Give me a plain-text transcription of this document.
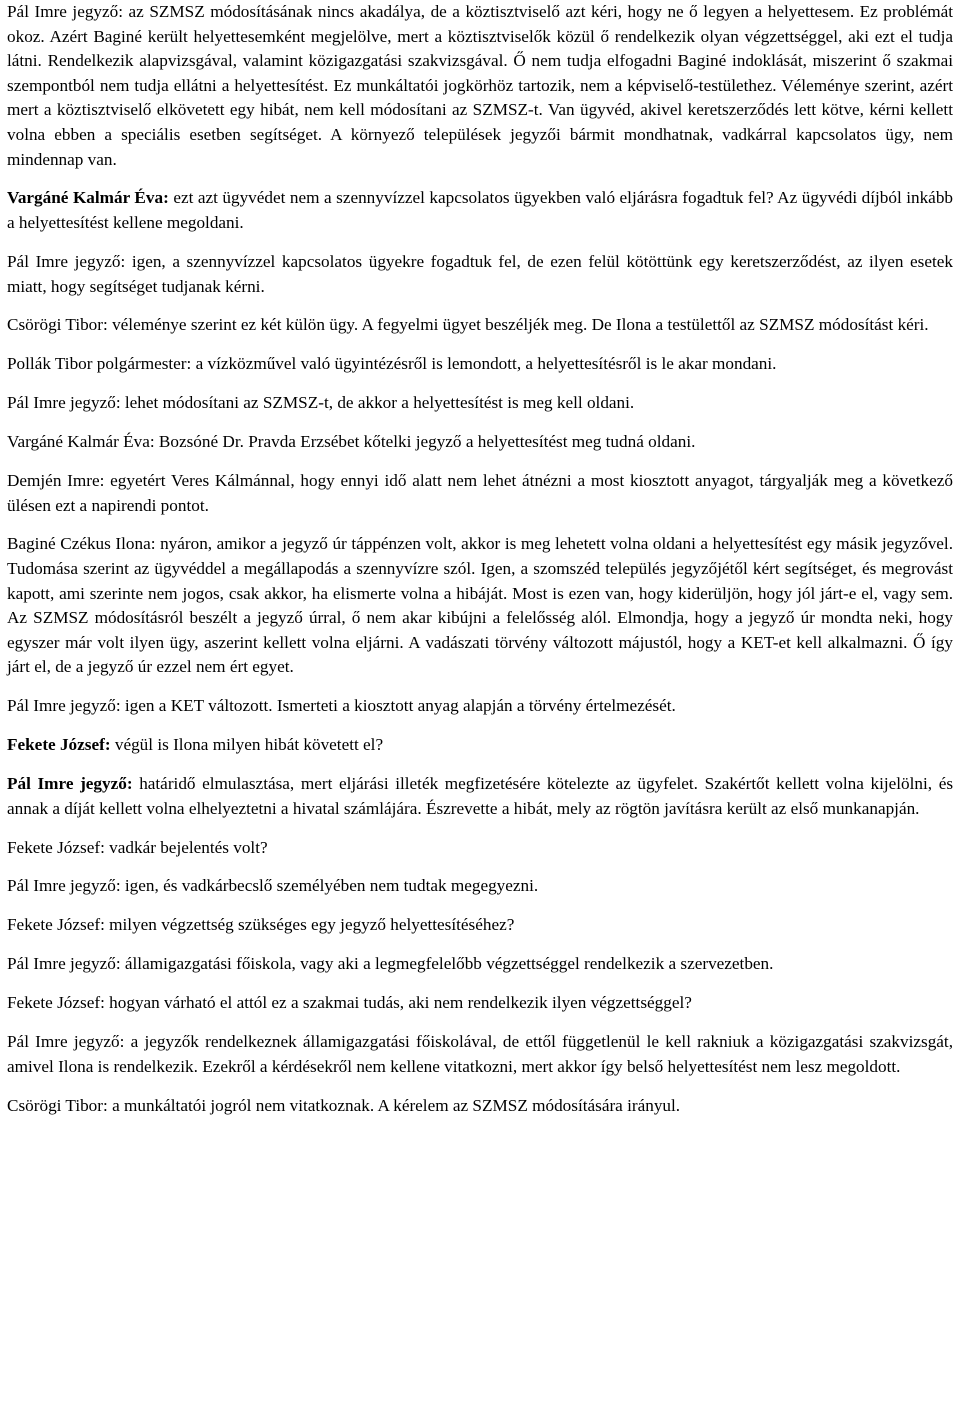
Pál Imre jegyző: az SZMSZ módosításának nincs akadálya, de a köztisztviselő azt kéri, hogy ne ő legyen a helyettesem. Ez problémát okoz. Azért Baginé került helyettesemként megjelölve, mert a köztisztviselők közül ő rendelkezik olyan végzettséggel, aki ezt el tudja látni. Rendelkezik alapvizsgával, valamint közigazgatási szakvizsgával. Ő nem tudja elfogadni Baginé indoklását, miszerint ő szakmai szempontból nem tudja ellátni a helyettesítést. Ez munkáltatói jogkörhöz tartozik, nem a képviselő-testülethez. Véleménye szerint, azért mert a köztisztviselő elkövetett egy hibát, nem kell módosítani az SZMSZ-t. Van ügyvéd, akivel keretszerződés lett kötve, kérni kellett volna ebben a speciális esetben segítséget. A környező települések jegyzői bármit mondhatnak, vadkárral kapcsolatos ügy, nem mindennap van.

Vargáné Kalmár Éva: ezt azt ügyvédet nem a szennyvízzel kapcsolatos ügyekben való eljárásra fogadtuk fel? Az ügyvédi díjból inkább a helyettesítést kellene megoldani.

Pál Imre jegyző: igen, a szennyvízzel kapcsolatos ügyekre fogadtuk fel, de ezen felül kötöttünk egy keretszerződést, az ilyen esetek miatt, hogy segítséget tudjanak kérni.

Csörögi Tibor: véleménye szerint ez két külön ügy. A fegyelmi ügyet beszéljék meg. De Ilona a testülettől az SZMSZ módosítást kéri.

Pollák Tibor polgármester: a vízközművel való ügyintézésről is lemondott, a helyettesítésről is le akar mondani.

Pál Imre jegyző: lehet módosítani az SZMSZ-t, de akkor a helyettesítést is meg kell oldani.

Vargáné Kalmár Éva: Bozsóné Dr. Pravda Erzsébet kőtelki jegyző a helyettesítést meg tudná oldani.

Demjén Imre: egyetért Veres Kálmánnal, hogy ennyi idő alatt nem lehet átnézni a most kiosztott anyagot, tárgyalják meg a következő ülésen ezt a napirendi pontot.

Baginé Czékus Ilona: nyáron, amikor a jegyző úr táppénzen volt, akkor is meg lehetett volna oldani a helyettesítést egy másik jegyzővel. Tudomása szerint az ügyvéddel a megállapodás a szennyvízre szól. Igen, a szomszéd település jegyzőjétől kért segítséget, és megrovást kapott, ami szerinte nem jogos, csak akkor, ha elismerte volna a hibáját. Most is ezen van, hogy kiderüljön, hogy jól járt-e el, vagy sem. Az SZMSZ módosításról beszélt a jegyző úrral, ő nem akar kibújni a felelősség alól. Elmondja, hogy a jegyző úr mondta neki, hogy egyszer már volt ilyen ügy, aszerint kellett volna eljárni. A vadászati törvény változott májustól, hogy a KET-et kell alkalmazni. Ő így járt el, de a jegyző úr ezzel nem ért egyet.

Pál Imre jegyző: igen a KET változott. Ismerteti a kiosztott anyag alapján a törvény értelmezését.

Fekete József: végül is Ilona milyen hibát követett el?

Pál Imre jegyző: határidő elmulasztása, mert eljárási illeték megfizetésére kötelezte az ügyfelet. Szakértőt kellett volna kijelölni, és annak a díját kellett volna elhelyeztetni a hivatal számlájára. Észrevette a hibát, mely az rögtön javításra került az első munkanapján.

Fekete József: vadkár bejelentés volt?

Pál Imre jegyző: igen, és vadkárbecslő személyében nem tudtak megegyezni.

Fekete József: milyen végzettség szükséges egy jegyző helyettesítéséhez?

Pál Imre jegyző: államigazgatási főiskola, vagy aki a legmegfelelőbb végzettséggel rendelkezik a szervezetben.

Fekete József: hogyan várható el attól ez a szakmai tudás, aki nem rendelkezik ilyen végzettséggel?

Pál Imre jegyző: a jegyzők rendelkeznek államigazgatási főiskolával, de ettől függetlenül le kell rakniuk a közigazgatási szakvizsgát, amivel Ilona is rendelkezik. Ezekről a kérdésekről nem kellene vitatkozni, mert akkor így belső helyettesítést nem lesz megoldott.

Csörögi Tibor: a munkáltatói jogról nem vitatkoznak. A kérelem az SZMSZ módosítására irányul.
